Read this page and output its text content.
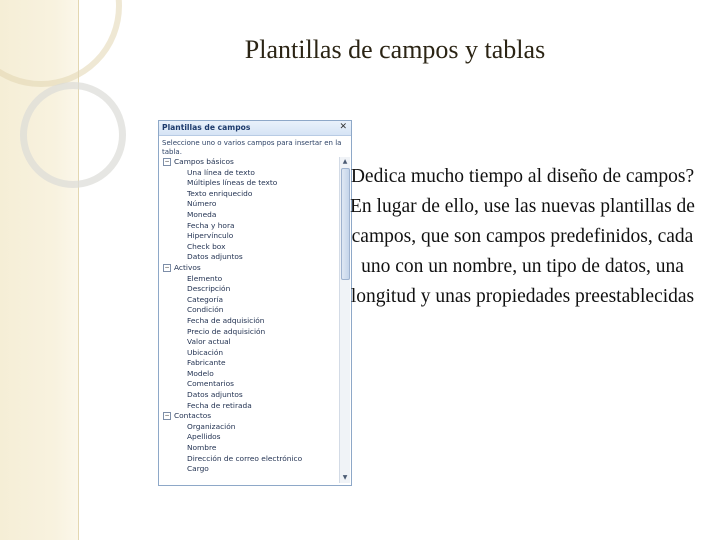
Plantillas de campos y tablas
Plantillas de campos	✕
Seleccione uno o varios campos para insertar en la tabla.
− Campos básicos
Una línea de texto
Múltiples líneas de texto
Texto enriquecido
Número
Moneda
Fecha y hora
Hipervínculo
Check box
Datos adjuntos
− Activos
Elemento
Descripción
Categoría
Condición
Fecha de adquisición
Precio de adquisición
Valor actual
Ubicación
Fabricante
Modelo
Comentarios
Datos adjuntos
Fecha de retirada
− Contactos
Organización
Apellidos
Nombre
Dirección de correo electrónico
Cargo
▲
▼
Dedica mucho tiempo al diseño de campos? En lugar de ello, use las nuevas plantillas de campos, que son campos predefinidos, cada uno con un nombre, un tipo de datos, una longitud y unas propiedades preestablecidas
